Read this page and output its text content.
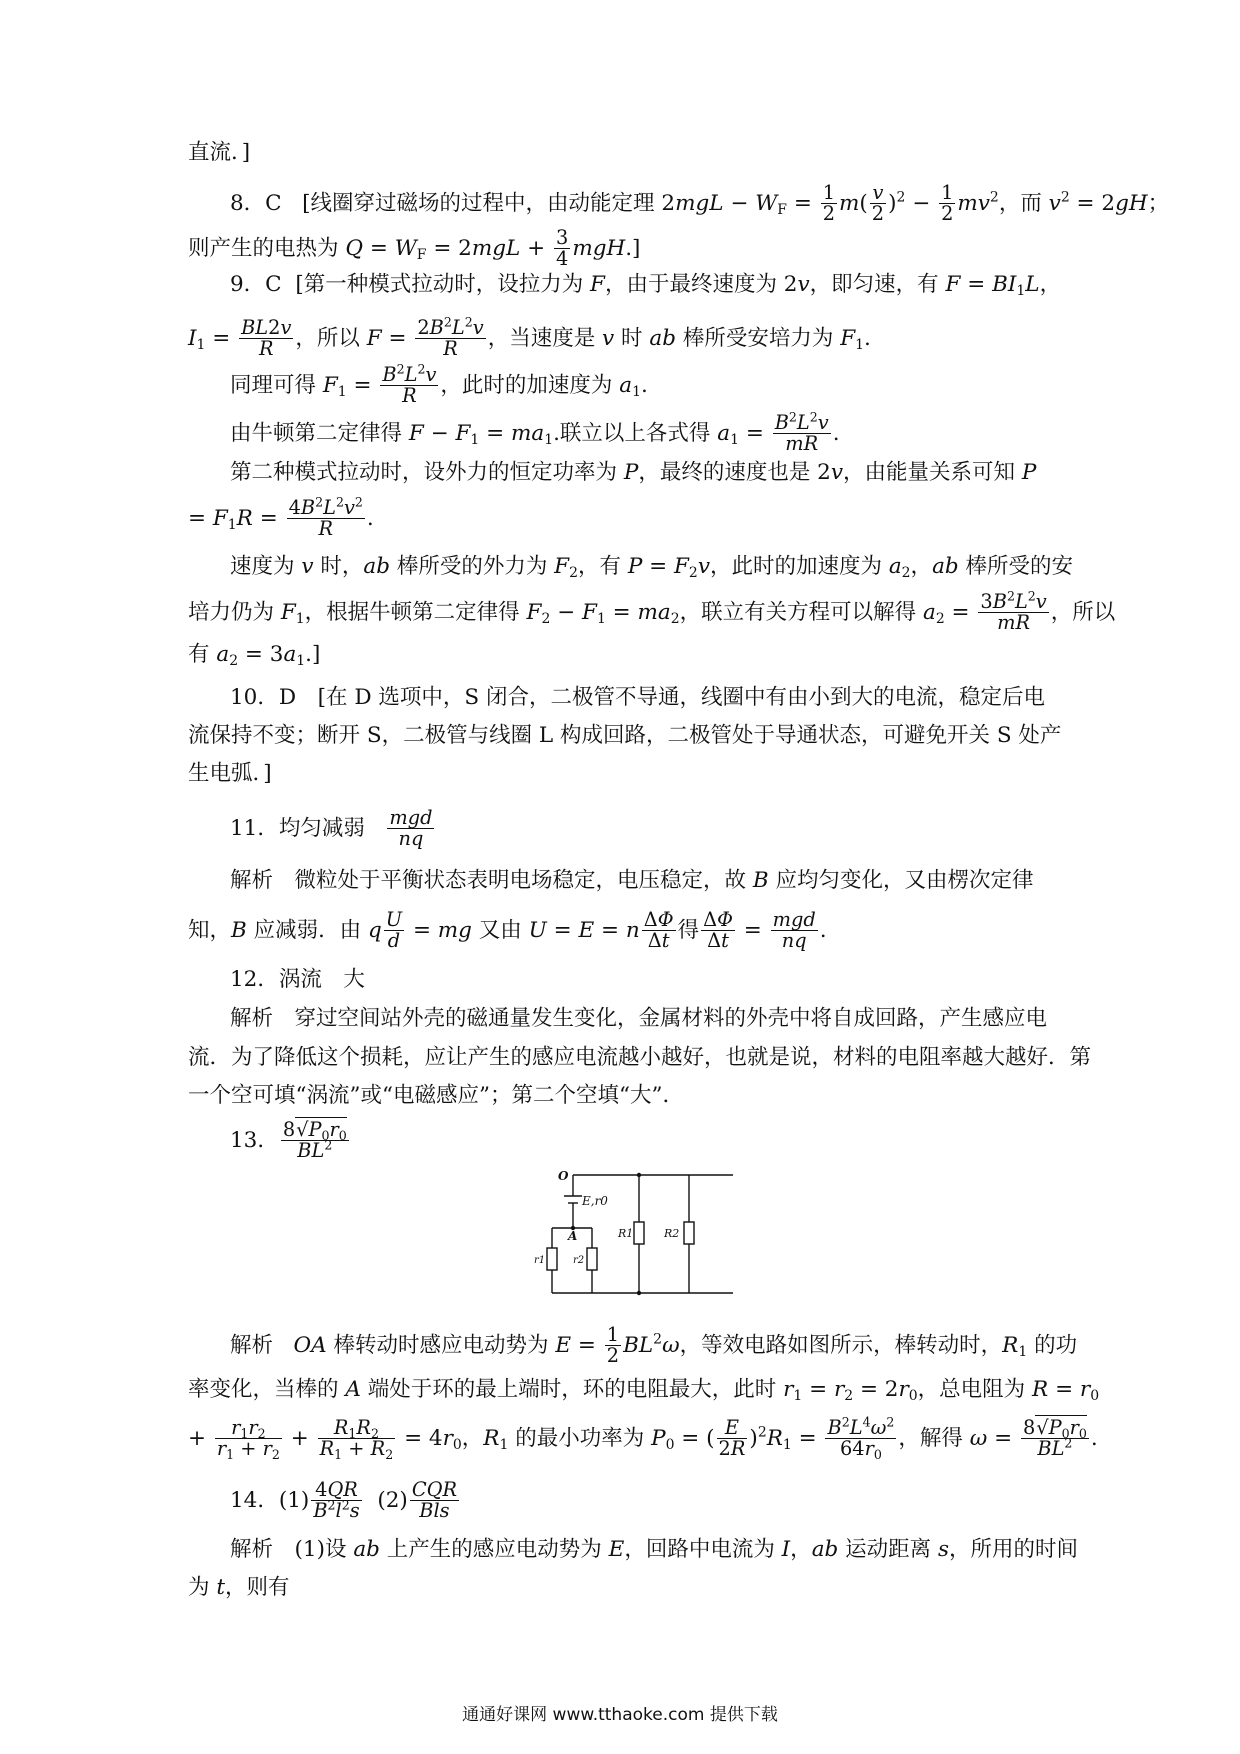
直流．]
8．C [线圈穿过磁场的过程中，由动能定理 $2mgL - W_F = \frac{1}{2} m( \frac{v}{2} )^2 - \frac{1}{2} mv^2$，而 $v^2 = 2gH$；
则产生的电热为 $Q = W_F = 2mgL + \frac{3}{4} mgH$.]
9．C [第一种模式拉动时，设拉力为 F，由于最终速度为 2v，即匀速，有 $F = BI_1L$，
$I_1 = \frac{BL2v}{R}$ ，所以 $F = \frac{2B^2L^2v}{R}$ ，当速度是 v 时 ab 棒所受安培力为 $F_1$.
同理可得 $F_1 = \frac{B^2L^2v}{R}$ ，此时的加速度为 $a_1$.
由牛顿第二定律得 $F - F_1 = ma_1$.联立以上各式得 $a_1 = \frac{B^2L^2v}{mR}$ .
第二种模式拉动时，设外力的恒定功率为 P，最终的速度也是 2v，由能量关系可知 P
= $F_1R = \frac{4B^2L^2v^2}{R}$ .
速度为 v 时，ab 棒所受的外力为 $F_2$，有 $P = F_2v$，此时的加速度为 $a_2$，ab 棒所受的安
培力仍为 $F_1$，根据牛顿第二定律得 $F_2 - F_1 = ma_2$，联立有关方程可以解得 $a_2 = \frac{3B^2L^2v}{mR}$ ，所以
有 $a_2 = 3a_1$.]
10．D　[在 D 选项中，S 闭合，二极管不导通，线圈中有由小到大的电流，稳定后电
流保持不变；断开 S，二极管与线圈 L 构成回路，二极管处于导通状态，可避免开关 S 处产
生电弧．]
11．均匀减弱 $\frac{\text{mgd}}{nq}$
解析　微粒处于平衡状态表明电场稳定，电压稳定，故 B 应均匀变化，又由楞次定律
知，B 应减弱．由 q $\frac{U}{d}$ = mg 又由 U = E = n $\frac{\Delta\Phi}{\Delta t}$ 得 $\frac{\Delta\Phi}{\Delta t} = \frac{\text{mgd}}{nq}$ .
12．涡流　大
解析　穿过空间站外壳的磁通量发生变化，金属材料的外壳中将自成回路，产生感应电
流．为了降低这个损耗，应让产生的感应电流越小越好，也就是说，材料的电阻率越大越好．第
一个空可填“涡流”或“电磁感应”；第二个空填“大”．
13． $\frac{8√P_0r_0}{BL^2}$
O
E,r0
A
r1	r2
R1	R2
解析 OA 棒转动时感应电动势为 $E = \frac{1}{2} BL^2\omega$，等效电路如图所示，棒转动时，$R_1$ 的功
率变化，当棒的 A 端处于环的最上端时，环的电阻最大，此时 $r_1 = r_2 = 2r_0$，总电阻为 $R = r_0$
+ $\frac{r_1r_2}{r_1 + r_2} + \frac{R_1R_2}{R_1 + R_2} = 4r_0$，$R_1$ 的最小功率为 $P_0$ = ( $\frac{E}{2R} )^2R_1 = \frac{B^2L^4\omega^2}{64r_0}$ ，解得 $\omega = \frac{8√P_0r_0}{BL^2}$ .
14．$(1) \frac{4QR}{B^2l^2s} (2) \frac{\text{CQR}}{\text{Bls}}$
解析　(1)设 ab 上产生的感应电动势为 E，回路中电流为 I，ab 运动距离 s，所用的时间
为 t，则有
通通好课网 www.tthaoke.com 提供下载
